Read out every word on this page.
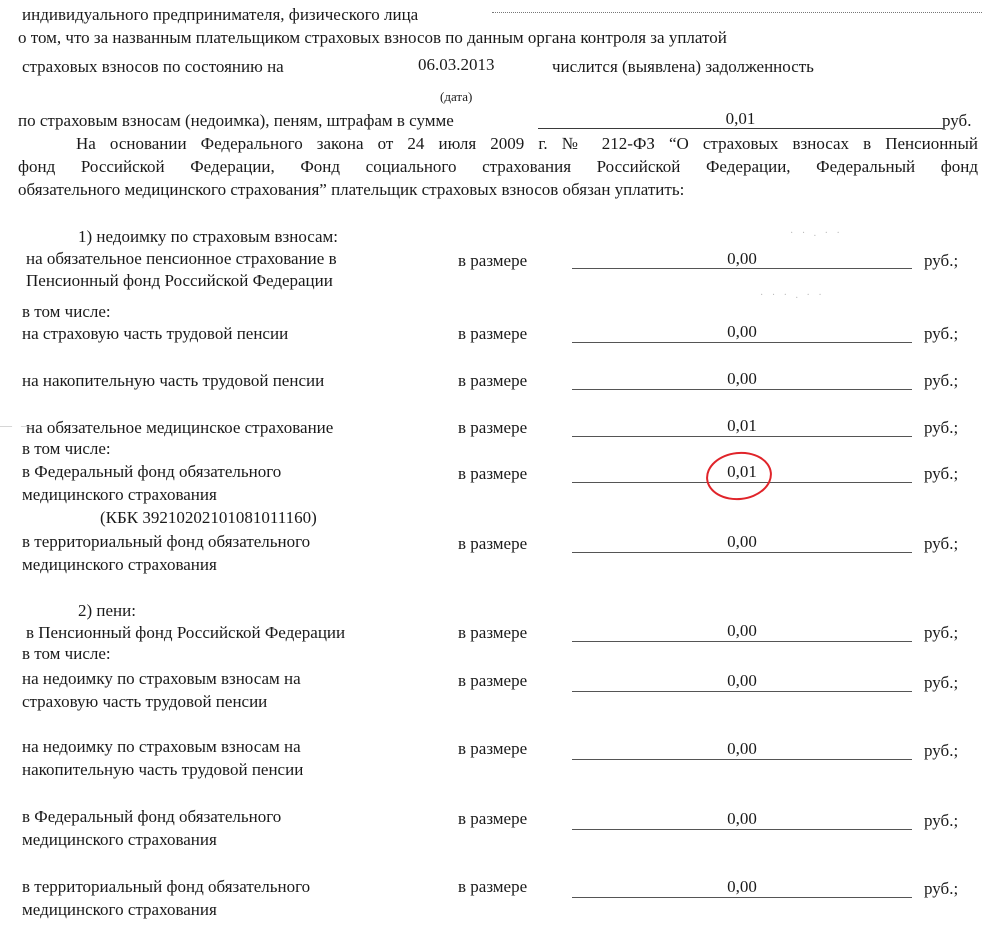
индивидуального предпринимателя, физического лица
о том, что за названным плательщиком страховых взносов по данным органа контроля за уплатой
страховых взносов по состоянию на	06.03.2013	числится (выявлена) задолженность
(дата)
по страховым взносам (недоимка), пеням, штрафам в сумме	0,01	руб.
На основании Федерального закона от 24 июля 2009 г. № 212-ФЗ “О страховых взносах в Пенсионный
фонд Российской Федерации, Фонд социального страхования Российской Федерации, Федеральный фонд
обязательного медицинского страхования” плательщик страховых взносов обязан уплатить:
1) недоимку по страховым взносам:
на обязательное пенсионное страхование в
Пенсионный фонд Российской Федерации
в размере	0,00	руб.;
в том числе:
на страховую часть трудовой пенсии	в размере	0,00	руб.;
на накопительную часть трудовой пенсии	в размере	0,00	руб.;
на обязательное медицинское страхование	в размере	0,01	руб.;
в том числе:
в Федеральный фонд обязательного
медицинского страхования
в размере	0,01	руб.;
(КБК 39210202101081011160)
в территориальный фонд обязательного
медицинского страхования
в размере	0,00	руб.;
2) пени:
в Пенсионный фонд Российской Федерации	в размере	0,00	руб.;
в том числе:
на недоимку по страховым взносам на
страховую часть трудовой пенсии
в размере	0,00	руб.;
на недоимку по страховым взносам на
накопительную часть трудовой пенсии
в размере	0,00	руб.;
в Федеральный фонд обязательного
медицинского страхования
в размере	0,00	руб.;
в территориальный фонд обязательного
медицинского страхования
в размере	0,00	руб.;
· · . · ·
· · · . · ·
— —
